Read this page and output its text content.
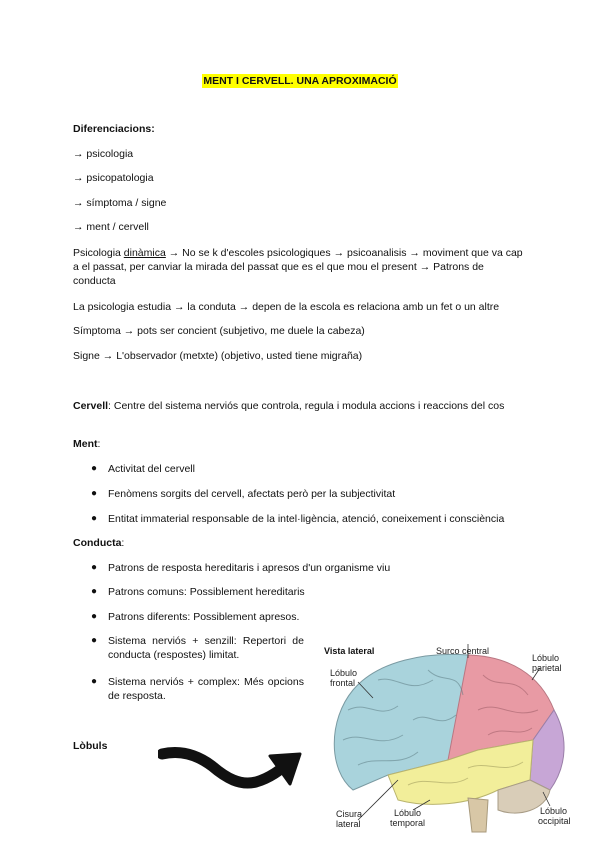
MENT I CERVELL. UNA APROXIMACIÓ
Diferenciacions:
→ psicologia
→ psicopatologia
→ símptoma / signe
→ ment / cervell
Psicologia dinàmica → No se k d'escoles psicologiques → psicoanalisis → moviment que va cap a el passat, per canviar la mirada del passat que es el que mou el present → Patrons de conducta
La psicologia estudia → la conduta → depen de la escola es relaciona amb un fet o un altre
Símptoma → pots ser concient (subjetivo, me duele la cabeza)
Signe → L'observador (metxte) (objetivo, usted tiene migraña)
Cervell: Centre del sistema nerviós que controla, regula i modula accions i reaccions del cos
Ment:
● Activitat del cervell
● Fenòmens sorgits del cervell, afectats però per la subjectivitat
● Entitat immaterial responsable de la intel·ligència, atenció, coneixement i consciència
Conducta:
● Patrons de resposta hereditaris i apresos d'un organisme viu
● Patrons comuns: Possiblement hereditaris
● Patrons diferents: Possiblement apresos.
● Sistema nerviós + senzill: Repertori de conducta (respostes) limitat.
● Sistema nerviós + complex: Més opcions de resposta.
Lòbuls
Vista lateral	Surco central
Lóbulo
parietal
Lóbulo
frontal
Cisura
lateral
Lóbulo
temporal
Lóbulo
occipital
